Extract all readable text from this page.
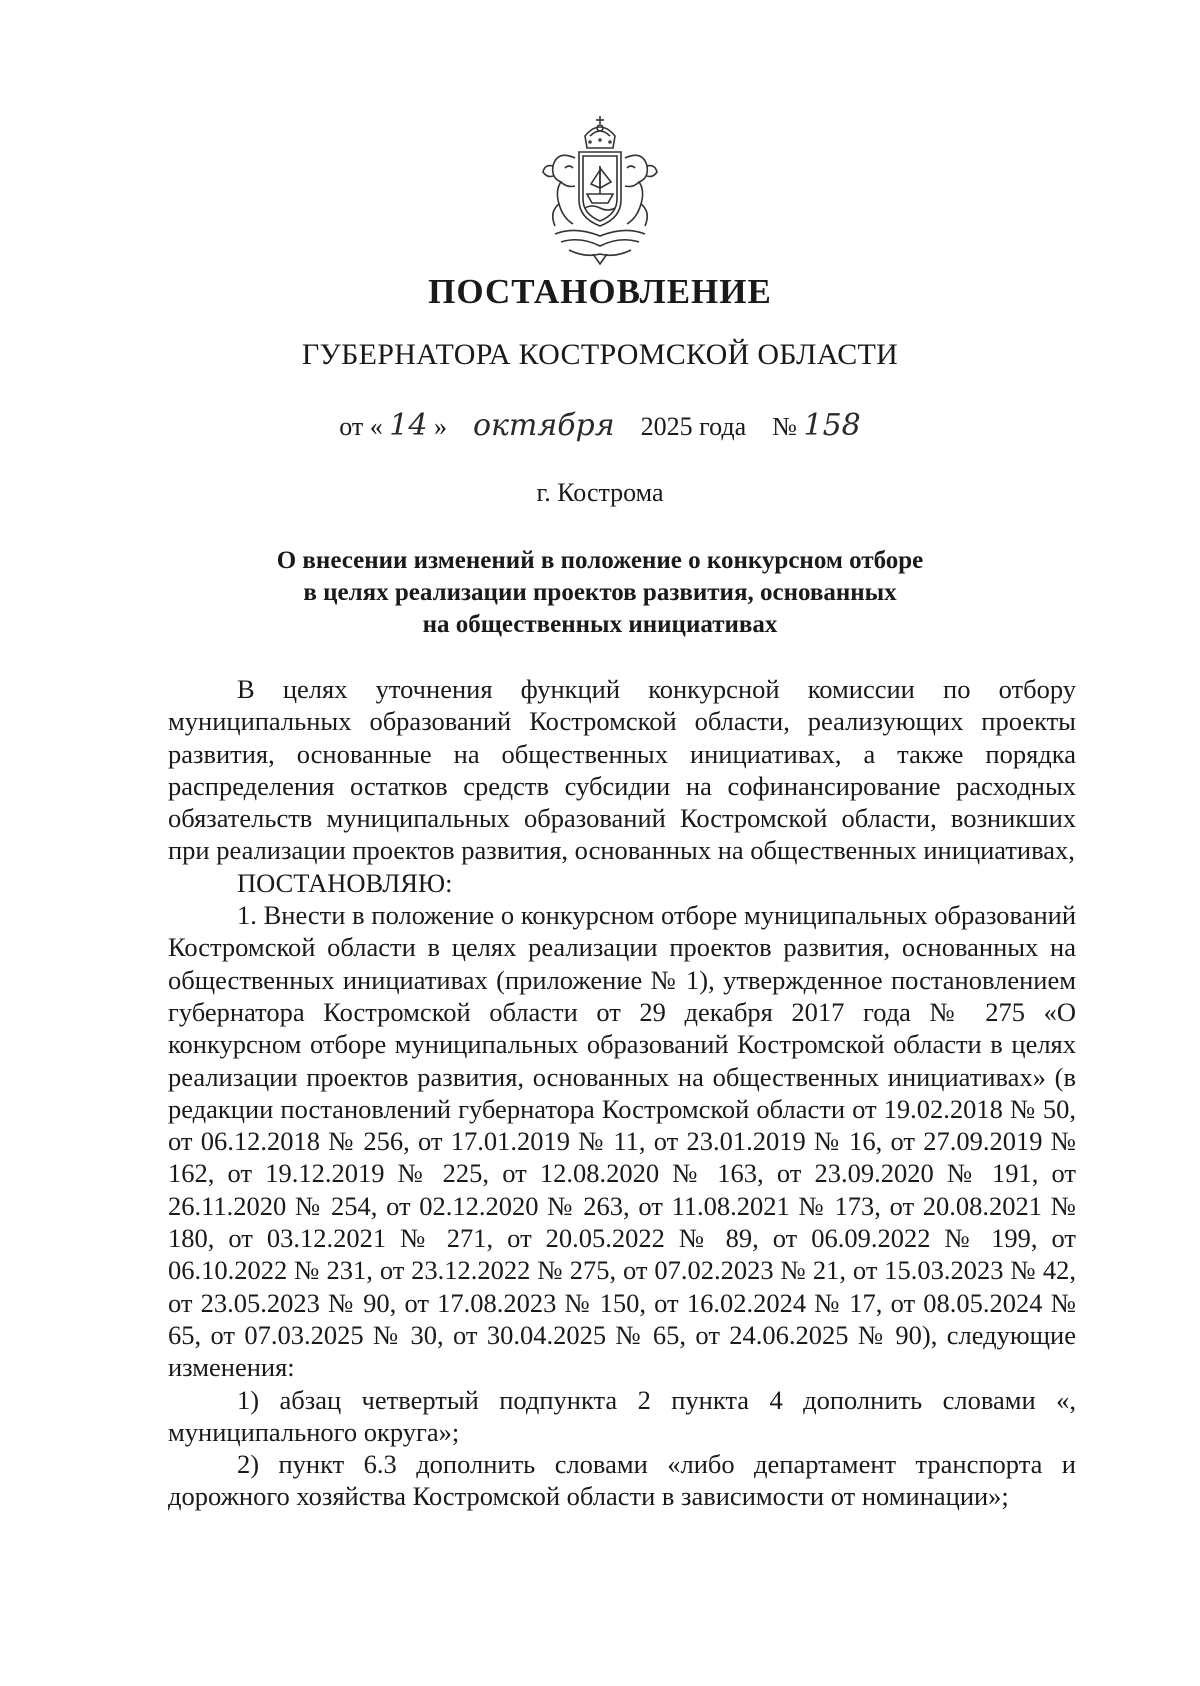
ПОСТАНОВЛЕНИЕ
ГУБЕРНАТОРА КОСТРОМСКОЙ ОБЛАСТИ
от « 14 » октября 2025 года № 158
г. Кострома
О внесении изменений в положение о конкурсном отборе
в целях реализации проектов развития, основанных
на общественных инициативах

В целях уточнения функций конкурсной комиссии по отбору муниципальных образований Костромской области, реализующих проекты развития, основанные на общественных инициативах, а также порядка распределения остатков средств субсидии на софинансирование расходных обязательств муниципальных образований Костромской области, возникших при реализации проектов развития, основанных на общественных инициативах,

ПОСТАНОВЛЯЮ:

1. Внести в положение о конкурсном отборе муниципальных образований Костромской области в целях реализации проектов развития, основанных на общественных инициативах (приложение № 1), утвержденное постановлением губернатора Костромской области от 29 декабря 2017 года № 275 «О конкурсном отборе муниципальных образований Костромской области в целях реализации проектов развития, основанных на общественных инициативах» (в редакции постановлений губернатора Костромской области от 19.02.2018 № 50, от 06.12.2018 № 256, от 17.01.2019 № 11, от 23.01.2019 № 16, от 27.09.2019 № 162, от 19.12.2019 № 225, от 12.08.2020 № 163, от 23.09.2020 № 191, от 26.11.2020 № 254, от 02.12.2020 № 263, от 11.08.2021 № 173, от 20.08.2021 № 180, от 03.12.2021 № 271, от 20.05.2022 № 89, от 06.09.2022 № 199, от 06.10.2022 № 231, от 23.12.2022 № 275, от 07.02.2023 № 21, от 15.03.2023 № 42, от 23.05.2023 № 90, от 17.08.2023 № 150, от 16.02.2024 № 17, от 08.05.2024 № 65, от 07.03.2025 № 30, от 30.04.2025 № 65, от 24.06.2025 № 90), следующие изменения:

1) абзац четвертый подпункта 2 пункта 4 дополнить словами «, муниципального округа»;

2) пункт 6.3 дополнить словами «либо департамент транспорта и дорожного хозяйства Костромской области в зависимости от номинации»;
